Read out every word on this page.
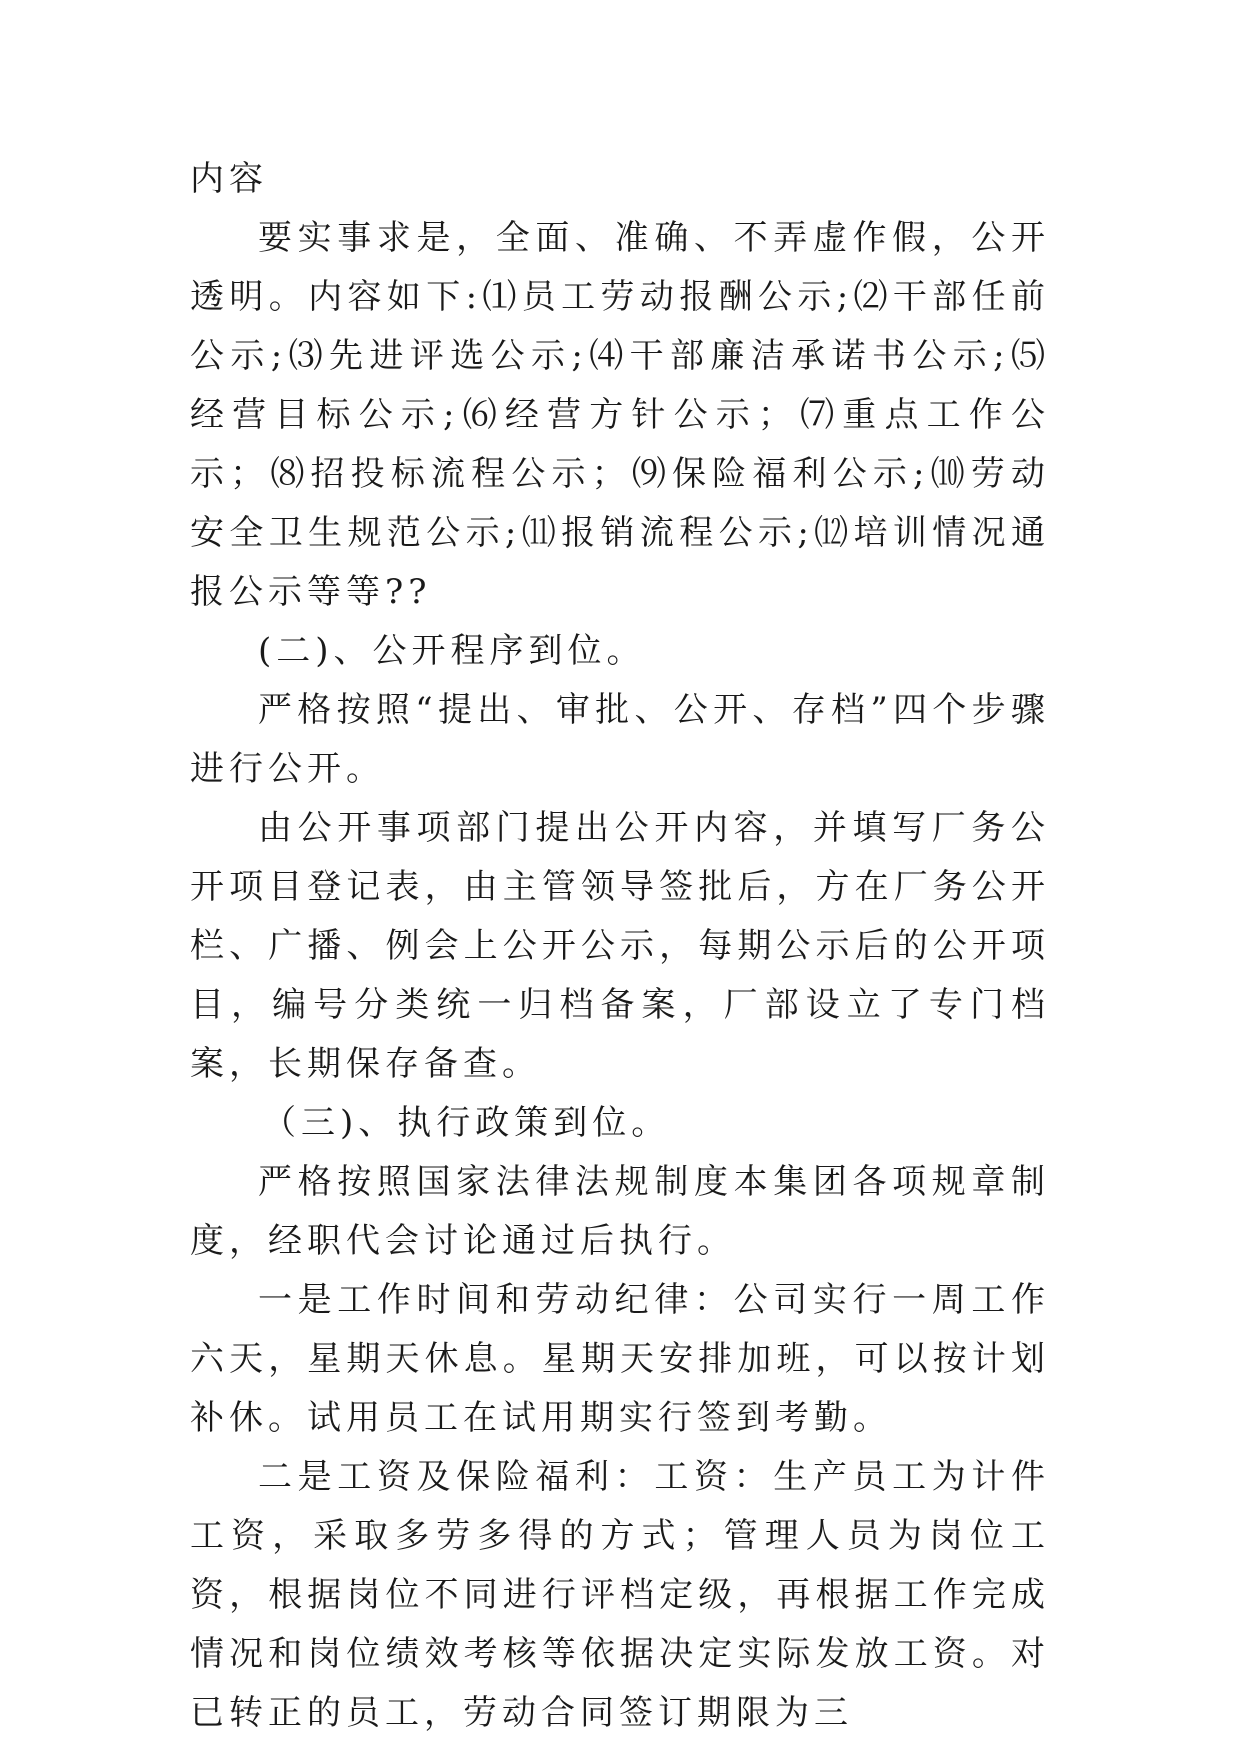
内容

要实事求是，全面、准确、不弄虚作假，公开透明。内容如下:⑴员工劳动报酬公示;⑵干部任前公示;⑶先进评选公示;⑷干部廉洁承诺书公示;⑸经营目标公示;⑹经营方针公示；⑺重点工作公示；⑻招投标流程公示；⑼保险福利公示;⑽劳动安全卫生规范公示;⑾报销流程公示;⑿培训情况通报公示等等??

(二)、公开程序到位。

严格按照“提出、审批、公开、存档”四个步骤进行公开。

由公开事项部门提出公开内容，并填写厂务公开项目登记表，由主管领导签批后，方在厂务公开栏、广播、例会上公开公示，每期公示后的公开项目，编号分类统一归档备案，厂部设立了专门档案，长期保存备查。

（三)、执行政策到位。

严格按照国家法律法规制度本集团各项规章制度，经职代会讨论通过后执行。

一是工作时间和劳动纪律：公司实行一周工作六天，星期天休息。星期天安排加班，可以按计划补休。试用员工在试用期实行签到考勤。

二是工资及保险福利：工资：生产员工为计件工资，采取多劳多得的方式；管理人员为岗位工资，根据岗位不同进行评档定级，再根据工作完成情况和岗位绩效考核等依据决定实际发放工资。对已转正的员工，劳动合同签订期限为三
